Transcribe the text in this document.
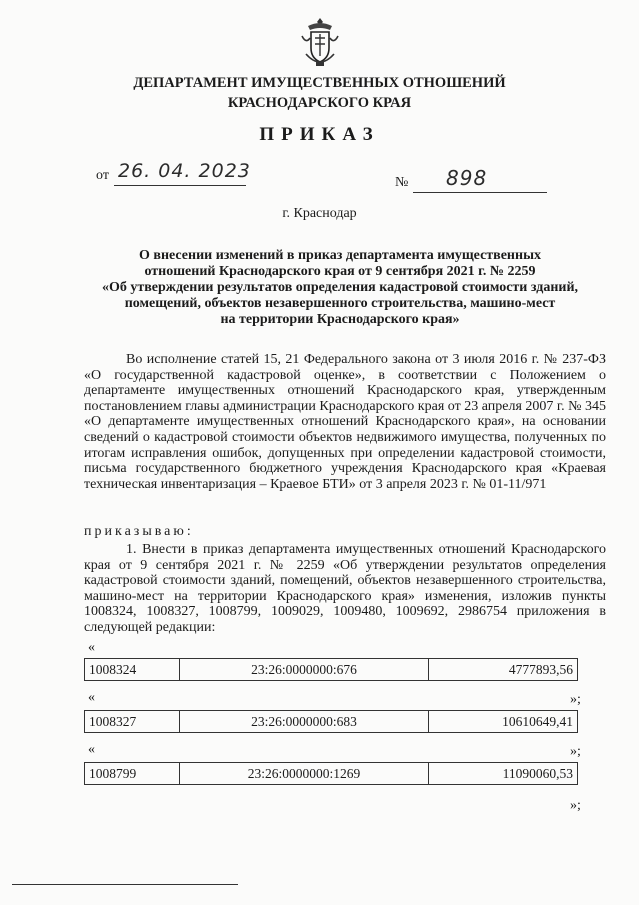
ДЕПАРТАМЕНТ ИМУЩЕСТВЕННЫХ ОТНОШЕНИЙ
КРАСНОДАРСКОГО КРАЯ
ПРИКАЗ
от 26. 04. 2023
№ 898
г. Краснодар
О внесении изменений в приказ департамента имущественных
отношений Краснодарского края от 9 сентября 2021 г. № 2259
«Об утверждении результатов определения кадастровой стоимости зданий,
помещений, объектов незавершенного строительства, машино-мест
на территории Краснодарского края»
Во исполнение статей 15, 21 Федерального закона от 3 июля 2016 г. № 237-ФЗ «О государственной кадастровой оценке», в соответствии с Положением о департаменте имущественных отношений Краснодарского края, утвержденным постановлением главы администрации Краснодарского края от 23 апреля 2007 г. № 345 «О департаменте имущественных отношений Краснодарского края», на основании сведений о кадастровой стоимости объектов недвижимого имущества, полученных по итогам исправления ошибок, допущенных при определении кадастровой стоимости, письма государственного бюджетного учреждения Краснодарского края «Краевая техническая инвентаризация – Краевое БТИ» от 3 апреля 2023 г. № 01-11/971
приказываю:
1. Внести в приказ департамента имущественных отношений Краснодарского края от 9 сентября 2021 г. № 2259 «Об утверждении результатов определения кадастровой стоимости зданий, помещений, объектов незавершенного строительства, машино-мест на территории Краснодарского края» изменения, изложив пункты 1008324, 1008327, 1008799, 1009029, 1009480, 1009692, 2986754 приложения в следующей редакции:
«
1008324	23:26:0000000:676	4777893,56
»;
«
1008327	23:26:0000000:683	10610649,41
»;
«
1008799	23:26:0000000:1269	11090060,53
»;
